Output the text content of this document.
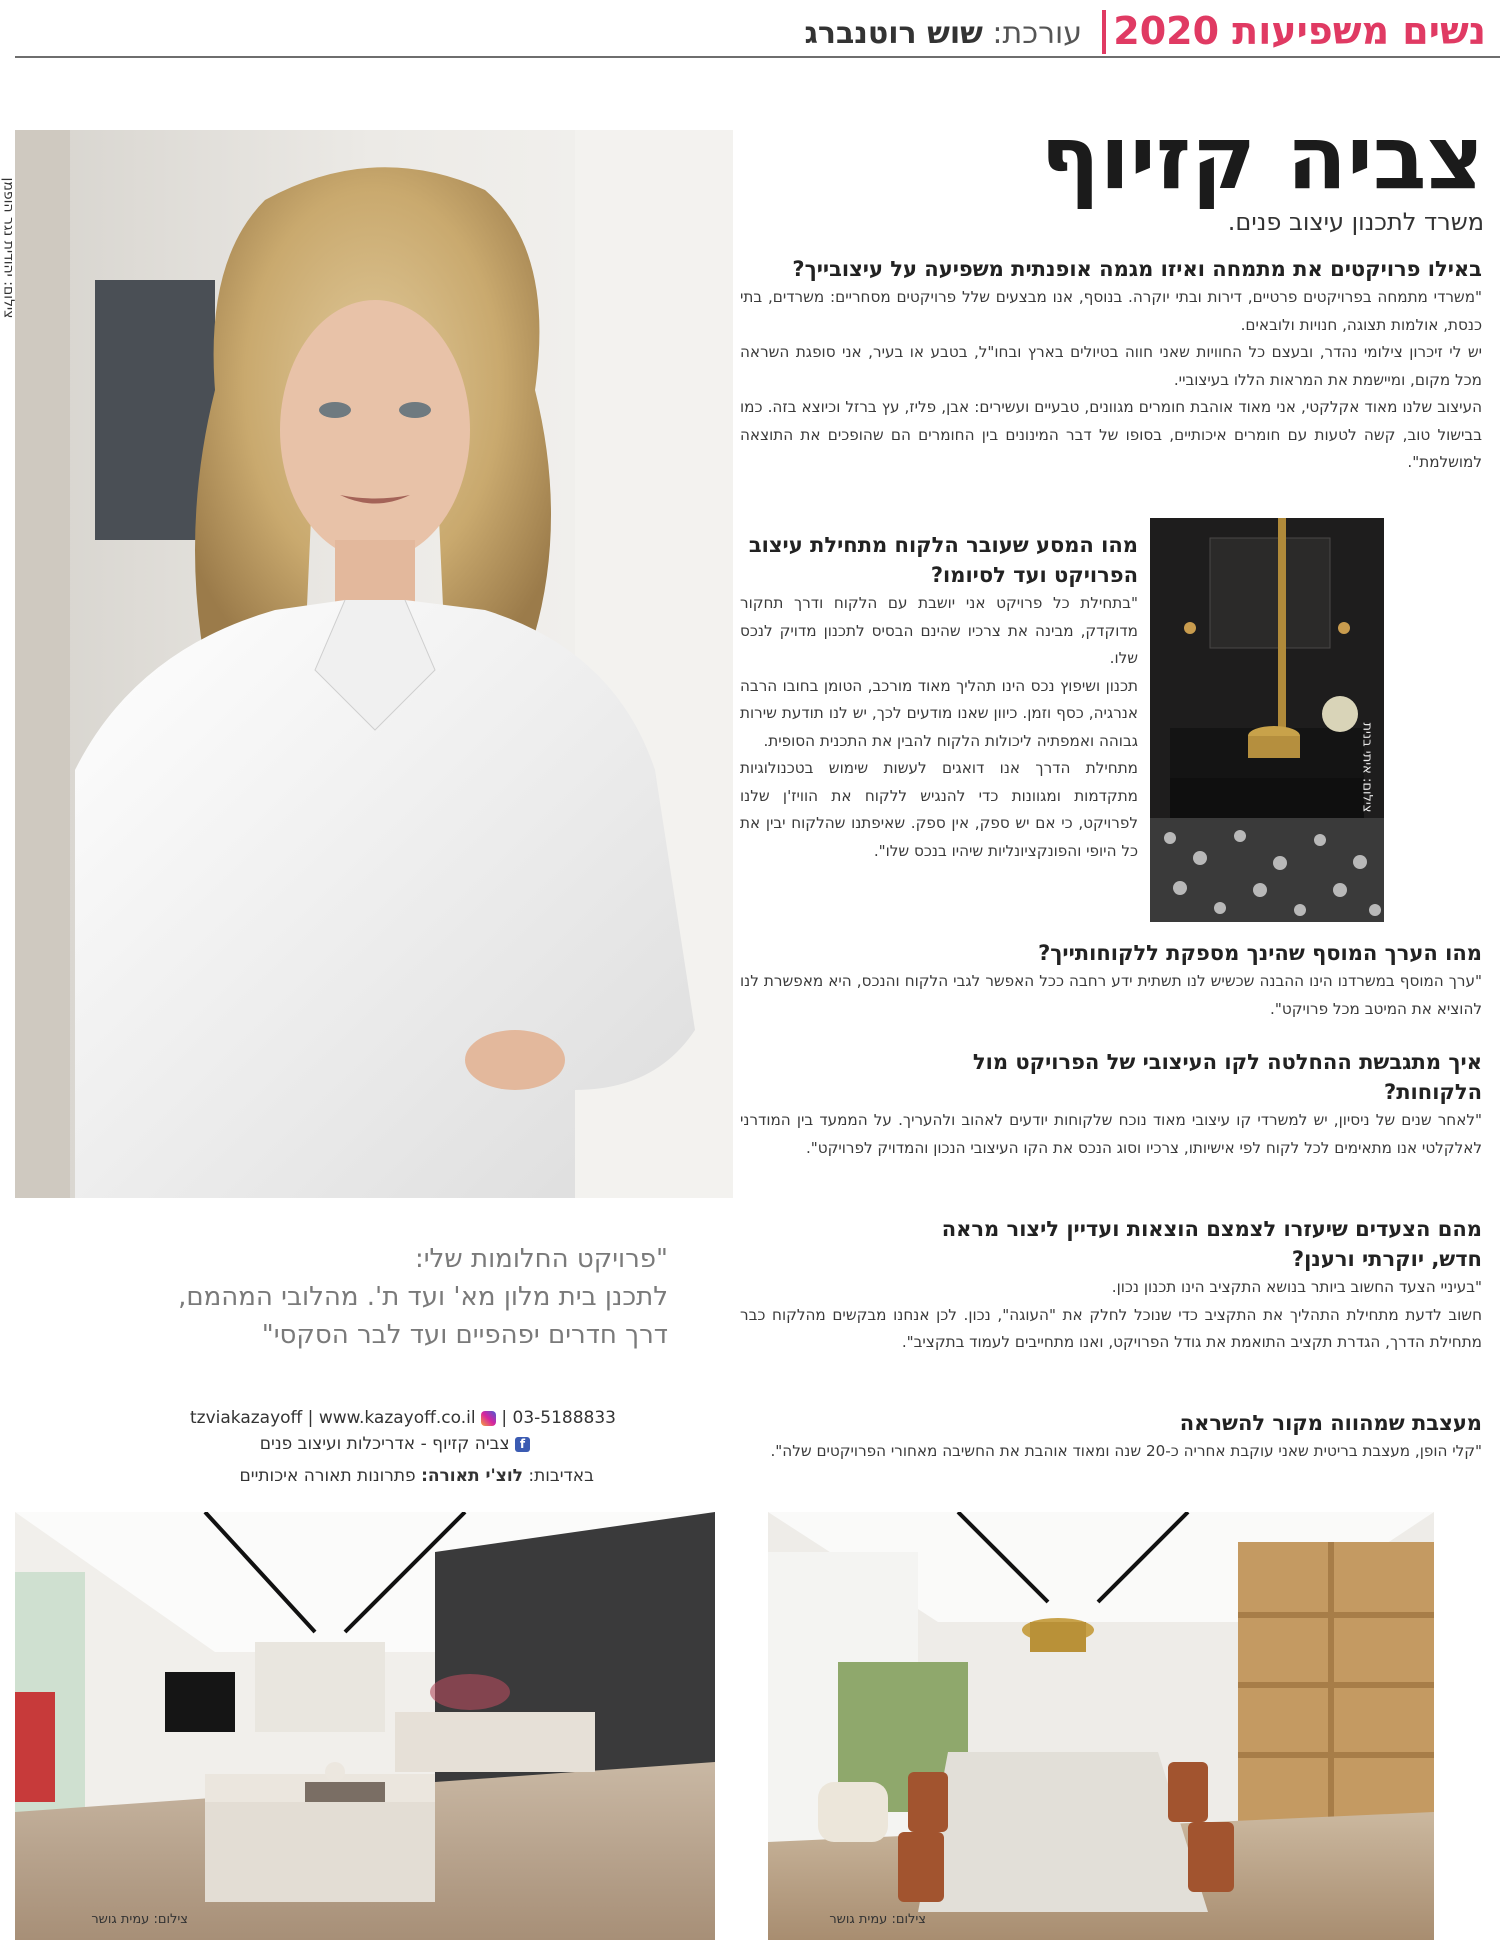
נשים משפיעות 2020
עורכת: שוש רוטנברג
צביה קזיוף
משרד לתכנון עיצוב פנים.
באילו פרויקטים את מתמחה ואיזו מגמה אופנתית משפיעה על עיצובייך?

"משרדי מתמחה בפרויקטים פרטיים, דירות ובתי יוקרה. בנוסף, אנו מבצעים שלל פרויקטים מסחריים: משרדים, בתי כנסת, אולמות תצוגה, חנויות ולובאים.

יש לי זיכרון צילומי נהדר, ובעצם כל החוויות שאני חווה בטיולים בארץ ובחו"ל, בטבע או בעיר, אני סופגת השראה מכל מקום, ומיישמת את המראות הללו בעיצוביי.

העיצוב שלנו מאוד אקלקטי, אני מאוד אוהבת חומרים מגוונים, טבעיים ועשירים: אבן, פליז, עץ ברזל וכיוצא בזה. כמו בבישול טוב, קשה לטעות עם חומרים איכותיים, בסופו של דבר המינונים בין החומרים הם שהופכים את התוצאה למושלמת".

מהו המסע שעובר הלקוח מתחילת עיצוב הפרויקט ועד לסיומו?

"בתחילת כל פרויקט אני יושבת עם הלקוח ודרך תחקור מדוקדק, מבינה את צרכיו שהינם הבסיס לתכנון מדויק לנכס שלו.

תכנון ושיפוץ נכס הינו תהליך מאוד מורכב, הטומן בחובו הרבה אנרגיה, כסף וזמן. כיוון שאנו מודעים לכך, יש לנו תודעת שירות גבוהה ואמפתיה ליכולות הלקוח להבין את התכנית הסופית.

מתחילת הדרך אנו דואגים לעשות שימוש בטכנולוגיות מתקדמות ומגוונות כדי להנגיש ללקוח את הוויז'ן שלנו לפרויקט, כי אם יש ספק, אין ספק. שאיפתנו שהלקוח יבין את כל היופי והפונקציונליות שיהיו בנכס שלו".

מהו הערך המוסף שהינך מספקת ללקוחותייך?

"ערך המוסף במשרדנו הינו ההבנה שכשיש לנו תשתית ידע רחבה ככל האפשר לגבי הלקוח והנכס, היא מאפשרת לנו להוציא את המיטב מכל פרויקט".

איך מתגבשת ההחלטה לקו העיצובי של הפרויקט מול הלקוחות?

"לאחר שנים של ניסיון, יש למשרדי קו עיצובי מאוד נוכח שלקוחות יודעים לאהוב ולהעריך. על הממעד בין המודרני לאלקלטי אנו מתאימים לכל לקוח לפי אישיותו, צרכיו וסוג הנכס את הקו העיצובי הנכון והמדויק לפרויקט".

מהם הצעדים שיעזרו לצמצם הוצאות ועדיין ליצור מראה חדש, יוקרתי ורענן?

"בעיניי הצעד החשוב ביותר בנושא התקציב הינו תכנון נכון.

חשוב לדעת מתחילת התהליך את התקציב כדי שנוכל לחלק את "העוגה", נכון. לכן אנחנו מבקשים מהלקוח כבר מתחילת הדרך, הגדרת תקציב התואמת את גודל הפרויקט, ואנו מתחייבים לעמוד בתקציב".

מעצבת שמהווה מקור להשראה

"קלי הופן, מעצבת בריטית שאני עוקבת אחריה כ-20 שנה ומאוד אוהבת את החשיבה מאחורי הפרויקטים שלה".

צילום: יהודית נגר הופמן
צילום: איתי בנית
"פרויקט החלומות שלי:
לתכנן בית מלון מא' ועד ת'. מהלובי המהמם,
דרך חדרים יפהפיים ועד לבר הסקסי"
03-5188833 |  tzviakazayoff | www.kazayoff.co.il
f צביה קזיוף - אדריכלות ועיצוב פנים
באדיבות: לוצ'י תאורה: פתרונות תאורה איכותיים
צילום: עמית גושר	צילום: עמית גושר
